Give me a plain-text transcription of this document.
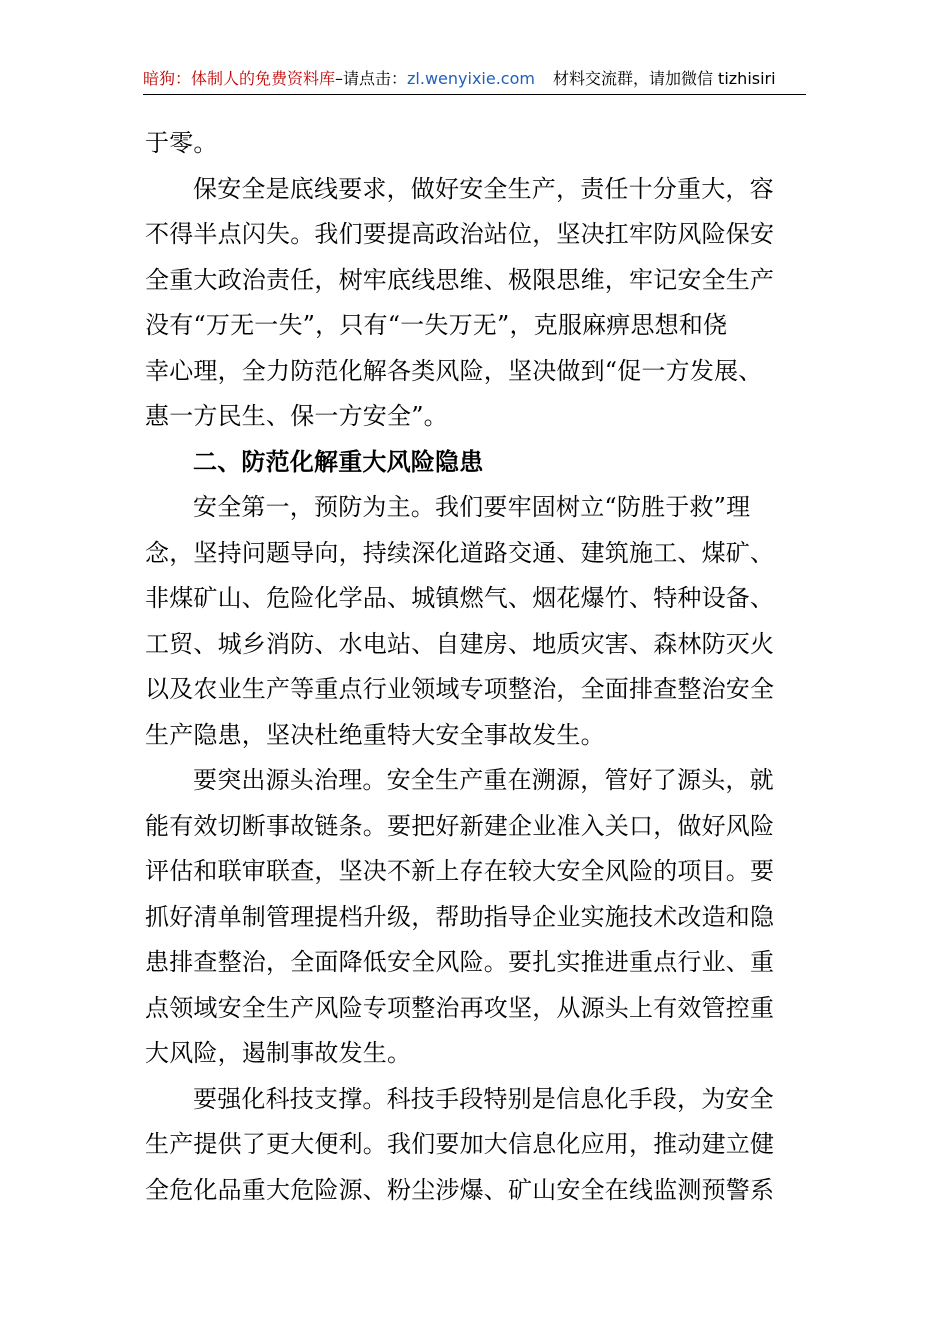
暗狗：体制人的免费资料库–请点击：zl.wenyixie.com 材料交流群，请加微信 tizhisiri
于零。
保安全是底线要求，做好安全生产，责任十分重大，容
不得半点闪失。我们要提高政治站位，坚决扛牢防风险保安
全重大政治责任，树牢底线思维、极限思维，牢记安全生产
没有“万无一失”，只有“一失万无”，克服麻痹思想和侥
幸心理，全力防范化解各类风险，坚决做到“促一方发展、
惠一方民生、保一方安全”。
二、防范化解重大风险隐患
安全第一，预防为主。我们要牢固树立“防胜于救”理
念，坚持问题导向，持续深化道路交通、建筑施工、煤矿、
非煤矿山、危险化学品、城镇燃气、烟花爆竹、特种设备、
工贸、城乡消防、水电站、自建房、地质灾害、森林防灭火
以及农业生产等重点行业领域专项整治，全面排查整治安全
生产隐患，坚决杜绝重特大安全事故发生。
要突出源头治理。安全生产重在溯源，管好了源头，就
能有效切断事故链条。要把好新建企业准入关口，做好风险
评估和联审联查，坚决不新上存在较大安全风险的项目。要
抓好清单制管理提档升级，帮助指导企业实施技术改造和隐
患排查整治，全面降低安全风险。要扎实推进重点行业、重
点领域安全生产风险专项整治再攻坚，从源头上有效管控重
大风险，遏制事故发生。
要强化科技支撑。科技手段特别是信息化手段，为安全
生产提供了更大便利。我们要加大信息化应用，推动建立健
全危化品重大危险源、粉尘涉爆、矿山安全在线监测预警系
